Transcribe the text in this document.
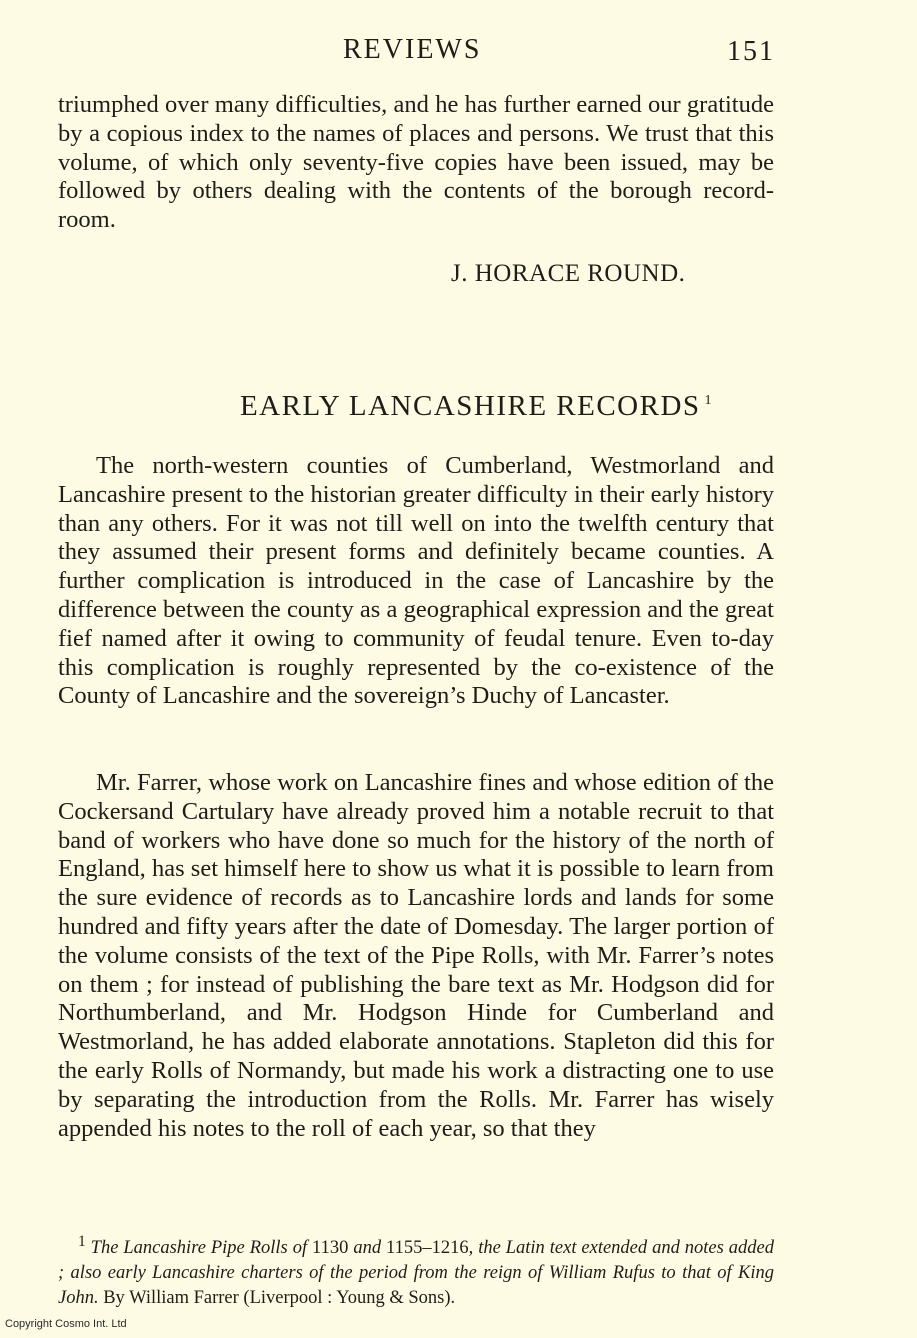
REVIEWS	151

triumphed over many difficulties, and he has further earned our gratitude by a copious index to the names of places and persons. We trust that this volume, of which only seventy-five copies have been issued, may be followed by others dealing with the contents of the borough record-room.

J. HORACE ROUND.
EARLY LANCASHIRE RECORDS $^1$

The north-western counties of Cumberland, Westmorland and Lancashire present to the historian greater difficulty in their early history than any others. For it was not till well on into the twelfth century that they assumed their present forms and definitely became counties. A further complication is introduced in the case of Lancashire by the difference between the county as a geographical expression and the great fief named after it owing to community of feudal tenure. Even to-day this complication is roughly represented by the co-existence of the County of Lancashire and the sovereign’s Duchy of Lancaster.

Mr. Farrer, whose work on Lancashire fines and whose edition of the Cockersand Cartulary have already proved him a notable recruit to that band of workers who have done so much for the history of the north of England, has set himself here to show us what it is possible to learn from the sure evidence of records as to Lancashire lords and lands for some hundred and fifty years after the date of Domesday. The larger portion of the volume consists of the text of the Pipe Rolls, with Mr. Farrer’s notes on them ; for instead of publishing the bare text as Mr. Hodgson did for Northumberland, and Mr. Hodgson Hinde for Cumberland and Westmorland, he has added elaborate annotations. Stapleton did this for the early Rolls of Normandy, but made his work a distracting one to use by separating the introduction from the Rolls. Mr. Farrer has wisely appended his notes to the roll of each year, so that they

$^1$ The Lancashire Pipe Rolls of 1130 and 1155–1216, the Latin text extended and notes added ; also early Lancashire charters of the period from the reign of William Rufus to that of King John. By William Farrer (Liverpool : Young & Sons).

Copyright Cosmo Int. Ltd
